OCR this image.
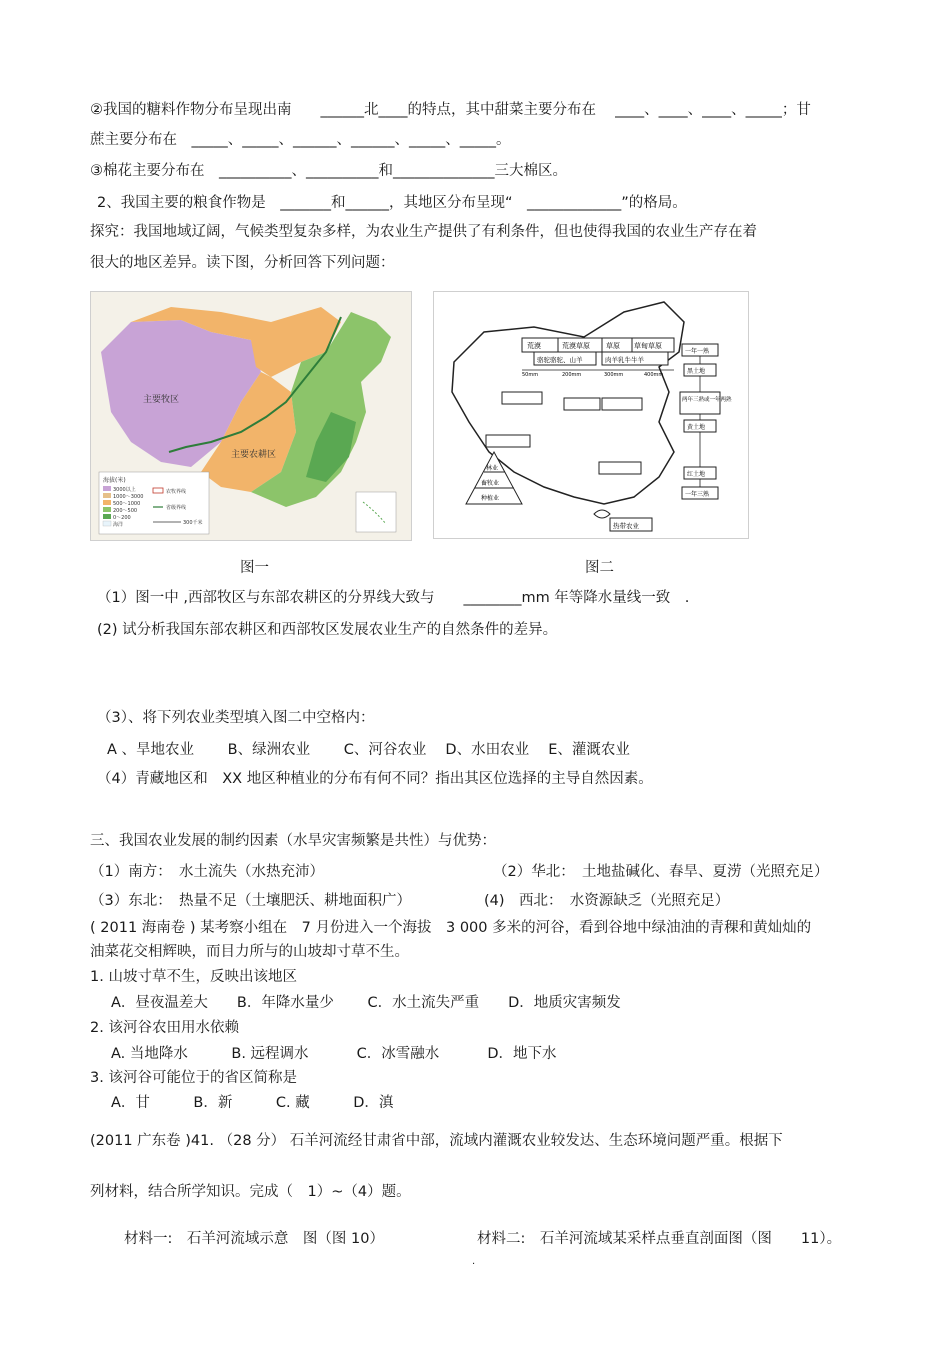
②我国的糖料作物分布呈现出南　　______北____的特点，其中甜菜主要分布在　 ____、____、____、_____；甘
蔗主要分布在　_____、_____、______、______、_____、_____。
③棉花主要分布在　__________、__________和______________三大棉区。
2、我国主要的粮食作物是　_______和______，其地区分布呈现“　_____________”的格局。
探究：我国地域辽阔，气候类型复杂多样，为农业生产提供了有利条件，但也使得我国的农业生产存在着
很大的地区差异。读下图，分析回答下列问题：
主要牧区
主要农耕区
海拔(米)
3000以上
1000～3000
500～1000
200～500
0～200
海洋
农牧界线
省级界线
300千米
荒漠	荒漠草原 草原 草甸草原
骆驼骆驼、山羊	肉羊乳牛牛羊
50mm	200mm	300mm	400mm
林业
畜牧业
种植业
一年一熟
黑土地
两年三熟或一年两熟
黄土地
红土地
一年三熟
热带农业
图一	图二
（1）图一中 ,西部牧区与东部农耕区的分界线大致与　　________mm 年等降水量线一致　.
(2) 试分析我国东部农耕区和西部牧区发展农业生产的自然条件的差异。
（3）、将下列农业类型填入图二中空格内：
A 、旱地农业　　 B、绿洲农业　　 C、河谷农业　 D、水田农业　 E、灌溉农业
（4）青藏地区和　XX 地区种植业的分布有何不同？指出其区位选择的主导自然因素。
三、我国农业发展的制约因素（水旱灾害频繁是共性）与优势：
（1）南方：　水土流失（水热充沛）	（2）华北：　土地盐碱化、春旱、夏涝（光照充足）
（3）东北：　热量不足（土壤肥沃、耕地面积广）	(4)　西北：　水资源缺乏（光照充足）
( 2011 海南卷 ) 某考察小组在　7 月份进入一个海拔　3 000 多米的河谷，看到谷地中绿油油的青稞和黄灿灿的
油菜花交相辉映，而目力所与的山坡却寸草不生。
1. 山坡寸草不生，反映出该地区
A．昼夜温差大　　B．年降水量少　　 C．水土流失严重　　D．地质灾害频发
2. 该河谷农田用水依赖
A. 当地降水　　　B. 远程调水　　　 C．冰雪融水　　　 D．地下水
3. 该河谷可能位于的省区简称是
A．甘　　　B．新　　　C. 藏　　　D．滇
(2011 广东卷 )41. （28 分） 石羊河流经甘肃省中部，流域内灌溉农业较发达、生态环境问题严重。根据下
列材料，结合所学知识。完成（　1）~（4）题。
材料一:　石羊河流域示意　图（图 10）	材料二:　石羊河流域某采样点垂直剖面图（图　　11）。
.
